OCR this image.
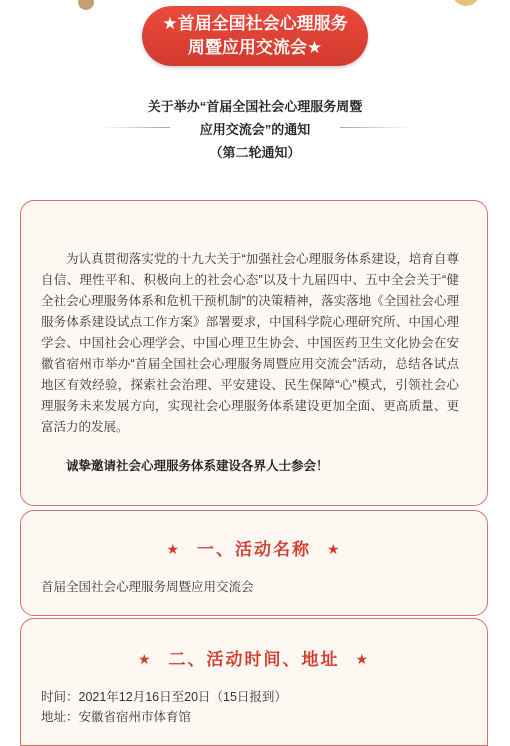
★首届全国社会心理服务
周暨应用交流会★
关于举办“首届全国社会心理服务周暨
应用交流会”的通知
（第二轮通知）

为认真贯彻落实党的十九大关于“加强社会心理服务体系建设，培育自尊自信、理性平和、积极向上的社会心态”以及十九届四中、五中全会关于“健全社会心理服务体系和危机干预机制”的决策精神，落实落地《全国社会心理服务体系建设试点工作方案》部署要求，中国科学院心理研究所、中国心理学会、中国社会心理学会、中国心理卫生协会、中国医药卫生文化协会在安徽省宿州市举办“首届全国社会心理服务周暨应用交流会”活动，总结各试点地区有效经验，探索社会治理、平安建设、民生保障“心”模式，引领社会心理服务未来发展方向，实现社会心理服务体系建设更加全面、更高质量、更富活力的发展。

诚挚邀请社会心理服务体系建设各界人士参会！

★ 一、活动名称 ★
首届全国社会心理服务周暨应用交流会
★ 二、活动时间、地址 ★
时间：2021年12月16日至20日（15日报到）
地址：安徽省宿州市体育馆
